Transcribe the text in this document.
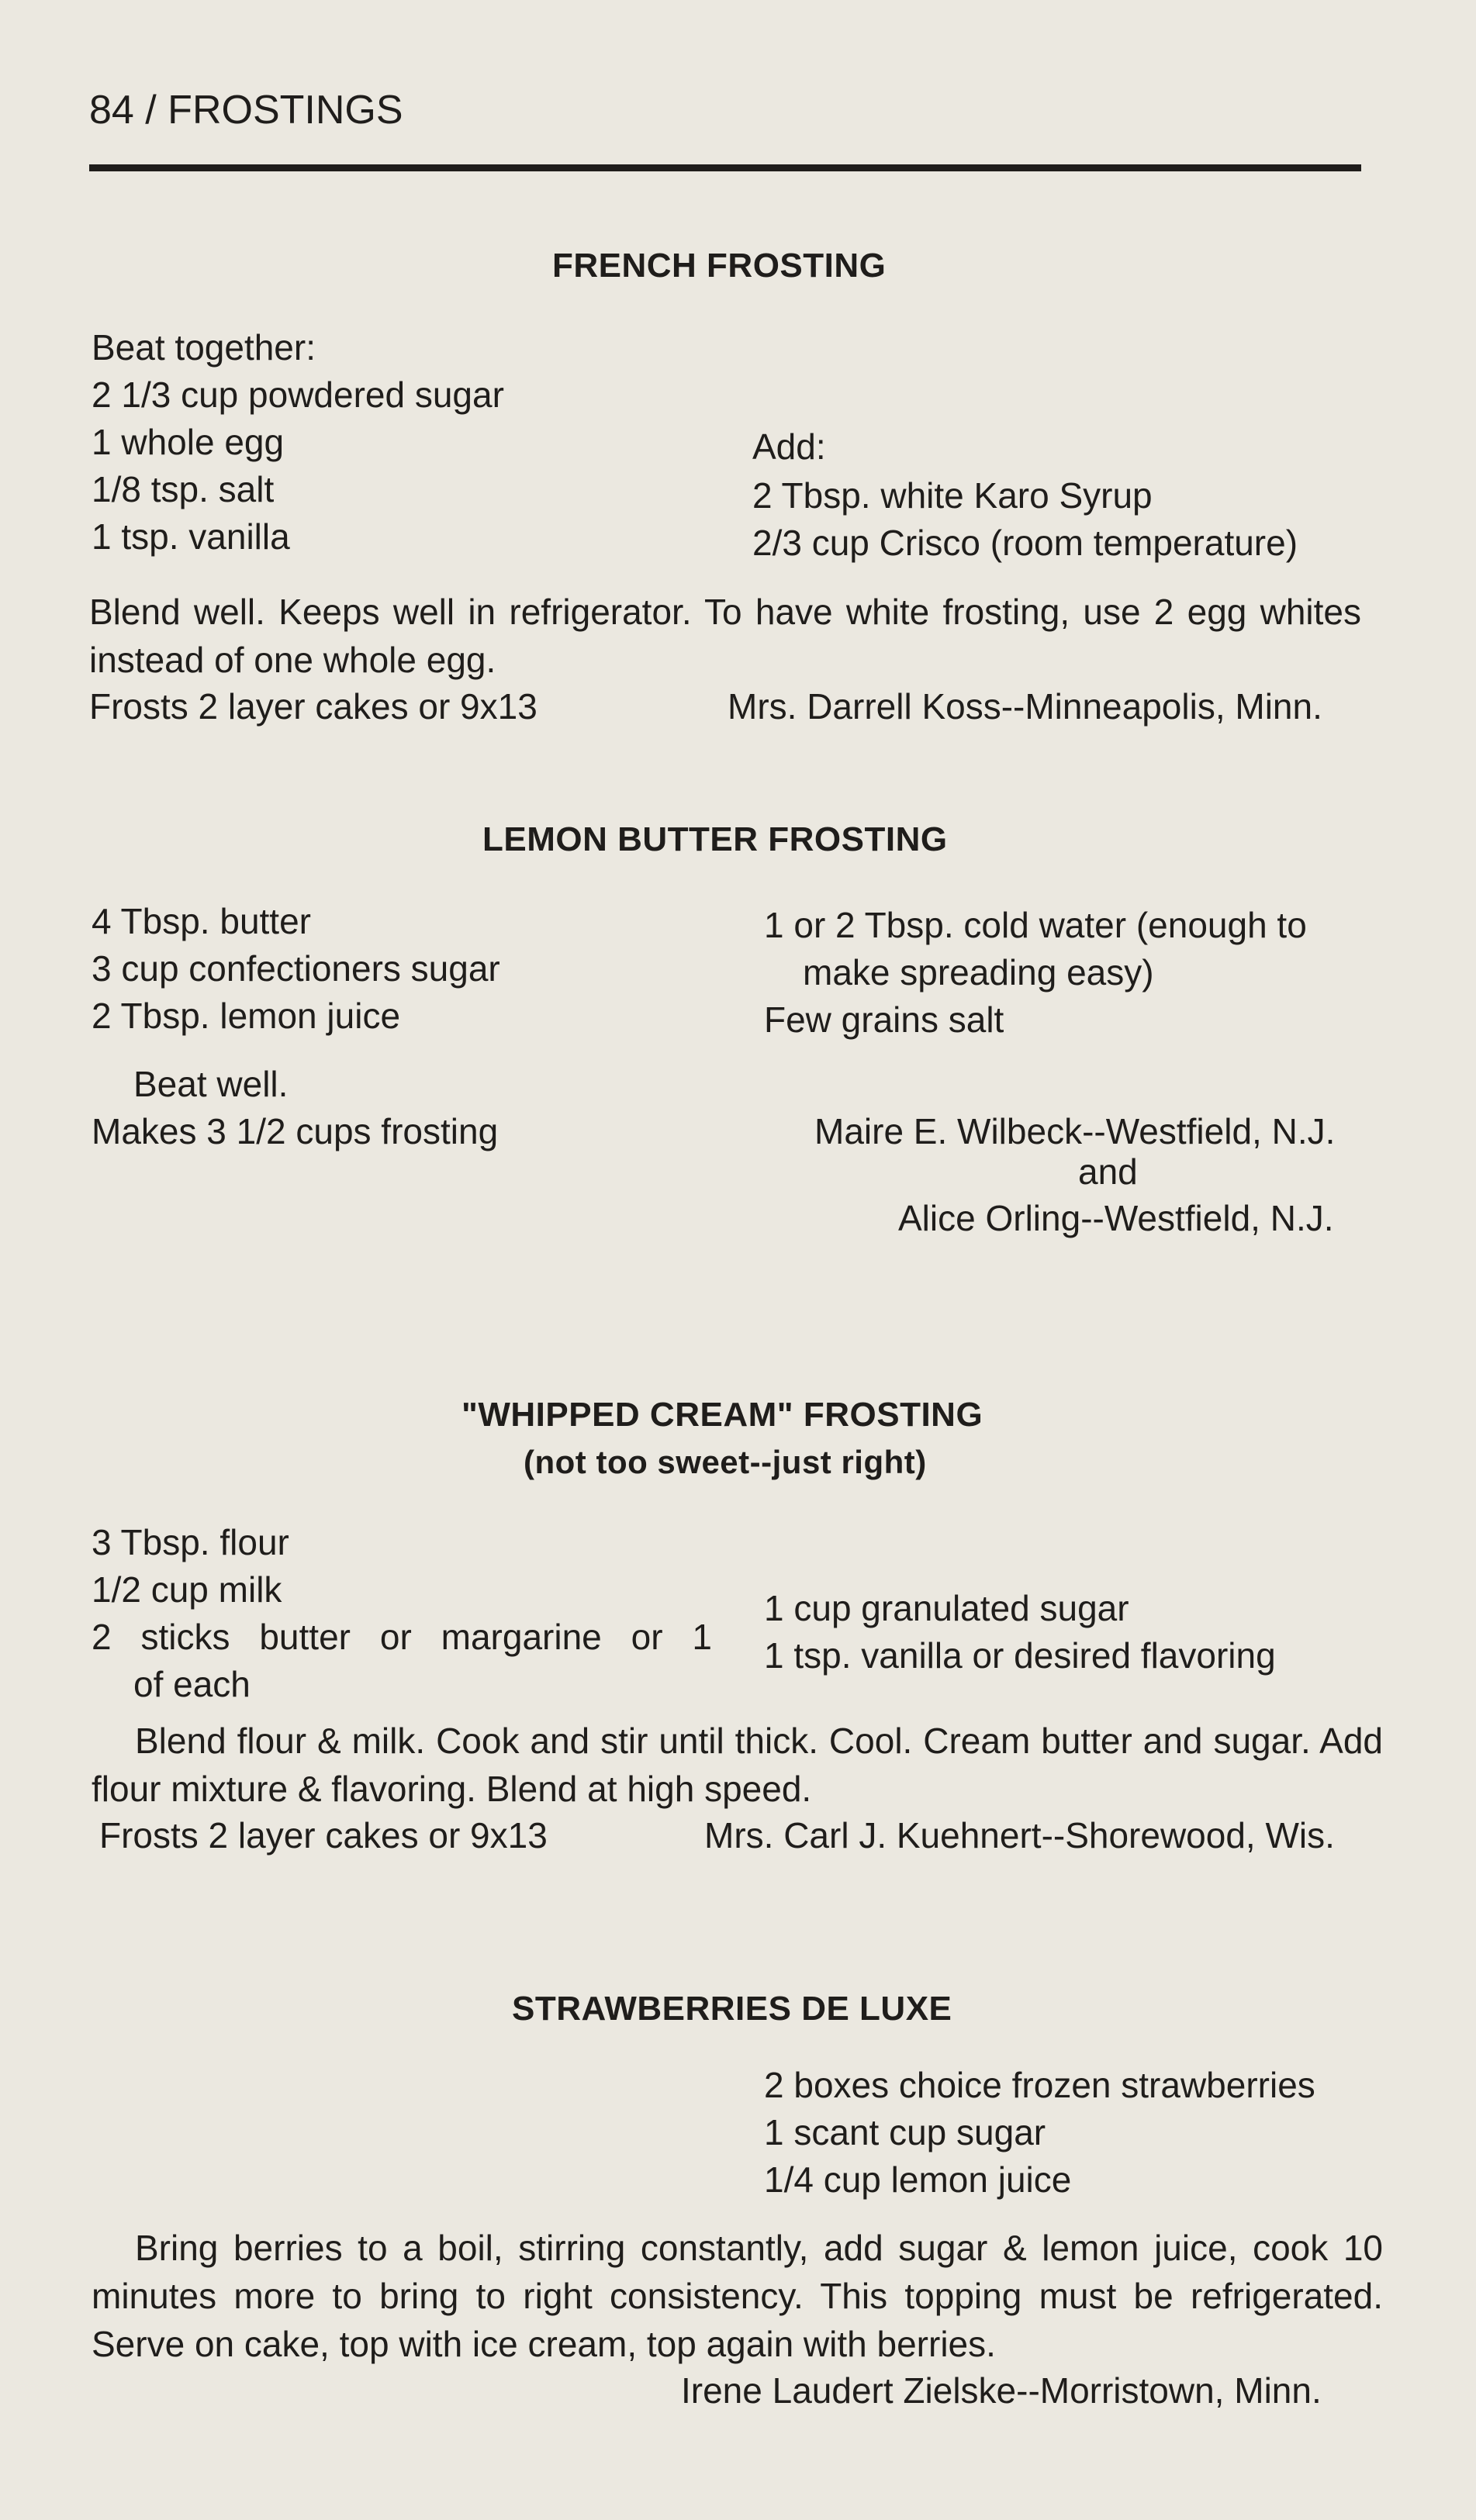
84 / FROSTINGS
FRENCH FROSTING
Beat together:
2 1/3 cup powdered sugar
1 whole egg
1/8 tsp. salt
1 tsp. vanilla
Add:
2 Tbsp. white Karo Syrup
2/3 cup Crisco (room temperature)
Blend well. Keeps well in refrigerator. To have white frosting, use 2 egg whites instead of one whole egg.
Frosts 2 layer cakes or 9x13	Mrs. Darrell Koss--Minneapolis, Minn.
LEMON BUTTER FROSTING
4 Tbsp. butter
3 cup confectioners sugar
2 Tbsp. lemon juice
1 or 2 Tbsp. cold water (enough to
make spreading easy)
Few grains salt
Beat well.
Makes 3 1/2 cups frosting	Maire E. Wilbeck--Westfield, N.J.
and
Alice Orling--Westfield, N.J.
"WHIPPED CREAM" FROSTING
(not too sweet--just right)
3 Tbsp. flour
1/2 cup milk
2 sticks butter or margarine or 1
of each
1 cup granulated sugar
1 tsp. vanilla or desired flavoring
Blend flour & milk. Cook and stir until thick. Cool. Cream butter and sugar. Add flour mixture & flavoring. Blend at high speed.
Frosts 2 layer cakes or 9x13	Mrs. Carl J. Kuehnert--Shorewood, Wis.
STRAWBERRIES DE LUXE
2 boxes choice frozen strawberries
1 scant cup sugar
1/4 cup lemon juice
Bring berries to a boil, stirring constantly, add sugar & lemon juice, cook 10 minutes more to bring to right consistency. This topping must be refrigerated. Serve on cake, top with ice cream, top again with berries.
Irene Laudert Zielske--Morristown, Minn.
